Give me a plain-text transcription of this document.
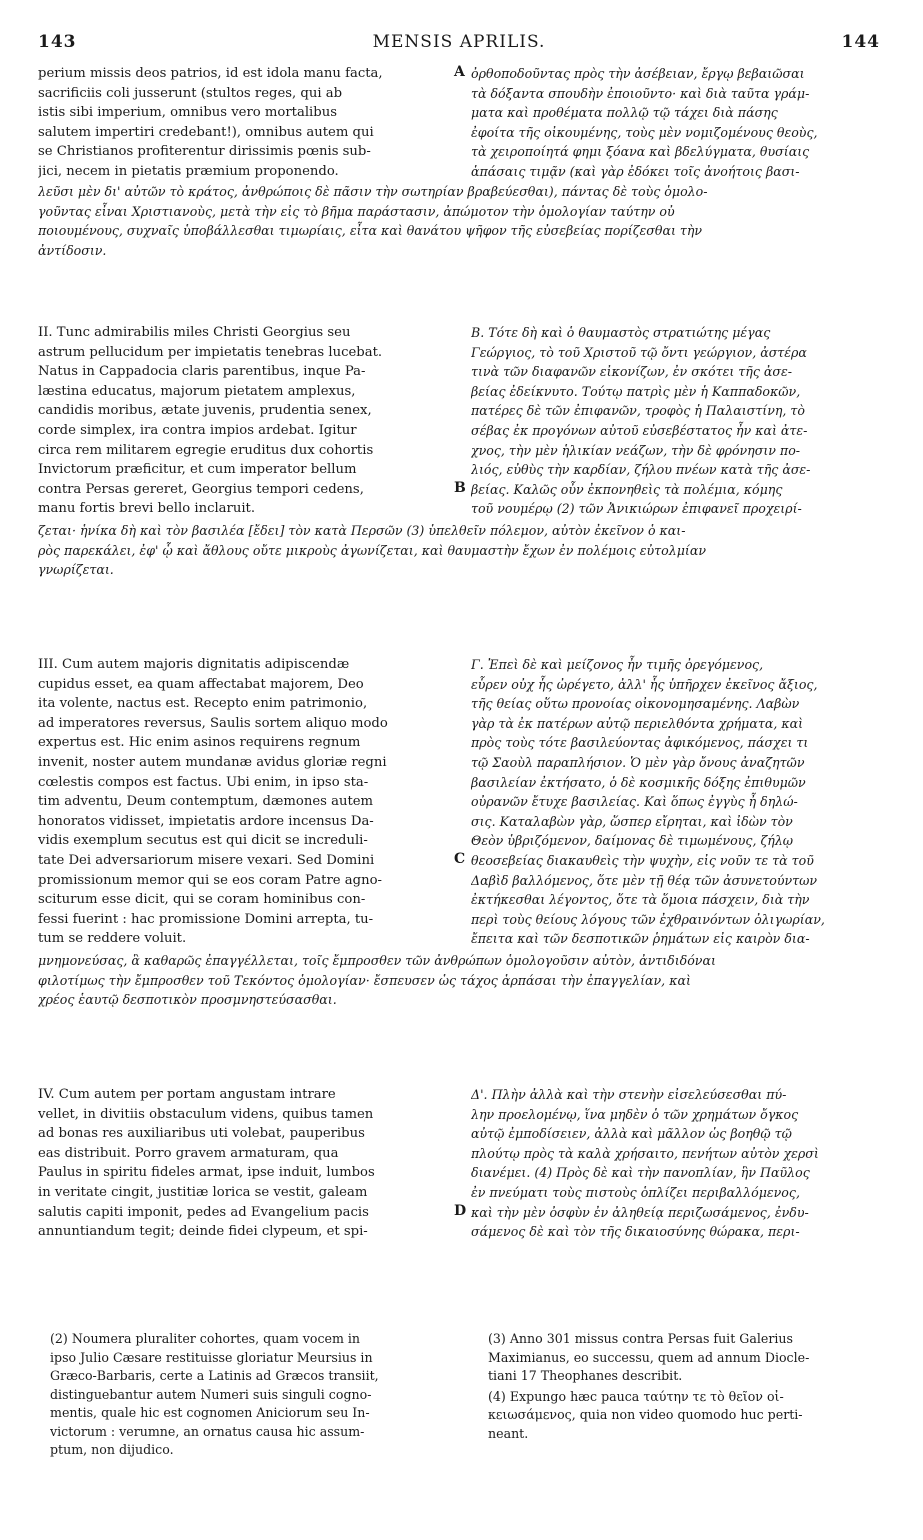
143	MENSIS APRILIS.	144
perium missis deos patrios, id est idola manu facta,
sacrificiis coli jusserunt (stultos reges, qui ab
istis sibi imperium, omnibus vero mortalibus
salutem impertiri credebant!), omnibus autem qui
se Christianos profiterentur dirissimis pœnis sub-
jici, necem in pietatis præmium proponendo.
A ὀρθοποδοῦντας πρὸς τὴν ἀσέβειαν, ἔργῳ βεβαιῶσαι
τὰ δόξαντα σπουδὴν ἐποιοῦντο· καὶ διὰ ταῦτα γράμ-
ματα καὶ προθέματα πολλῷ τῷ τάχει διὰ πάσης
ἐφοίτα τῆς οἰκουμένης, τοὺς μὲν νομιζομένους θεοὺς,
τὰ χειροποίητά φημι ξόανα καὶ βδελύγματα, θυσίαις
ἁπάσαις τιμᾷν (καὶ γὰρ ἐδόκει τοῖς ἀνοήτοις βασι-
λεῦσι μὲν δι' αὐτῶν τὸ κράτος, ἀνθρώποις δὲ πᾶσιν τὴν σωτηρίαν βραβεύεσθαι), πάντας δὲ τοὺς ὁμολο-
γοῦντας εἶναι Χριστιανοὺς, μετὰ τὴν εἰς τὸ βῆμα παράστασιν, ἀπώμοτον τὴν ὁμολογίαν ταύτην οὐ
ποιουμένους, συχναῖς ὑποβάλλεσθαι τιμωρίαις, εἶτα καὶ θανάτου ψῆφον τῆς εὐσεβείας πορίζεσθαι τὴν
ἀντίδοσιν.
II. Tunc admirabilis miles Christi Georgius seu
astrum pellucidum per impietatis tenebras lucebat.
Natus in Cappadocia claris parentibus, inque Pa-
læstina educatus, majorum pietatem amplexus,
candidis moribus, ætate juvenis, prudentia senex,
corde simplex, ira contra impios ardebat. Igitur
circa rem militarem egregie eruditus dux cohortis
Invictorum præficitur, et cum imperator bellum
contra Persas gereret, Georgius tempori cedens,
manu fortis brevi bello inclaruit.
B
Β. Τότε δὴ καὶ ὁ θαυμαστὸς στρατιώτης μέγας
Γεώργιος, τὸ τοῦ Χριστοῦ τῷ ὄντι γεώργιον, ἀστέρα
τινὰ τῶν διαφανῶν εἰκονίζων, ἐν σκότει τῆς ἀσε-
βείας ἐδείκνυτο. Τούτῳ πατρὶς μὲν ἡ Καππαδοκῶν,
πατέρες δὲ τῶν ἐπιφανῶν, τροφὸς ἡ Παλαιστίνη, τὸ
σέβας ἐκ προγόνων αὐτοῦ εὐσεβέστατος ἦν καὶ ἀτε-
χνος, τὴν μὲν ἡλικίαν νεάζων, τὴν δὲ φρόνησιν πο-
λιός, εὐθὺς τὴν καρδίαν, ζήλου πνέων κατὰ τῆς ἀσε-
βείας. Καλῶς οὖν ἐκπονηθεὶς τὰ πολέμια, κόμης
τοῦ νουμέρῳ (2) τῶν Ἀνικιώρων ἐπιφανεῖ προχειρί-
ζεται· ἡνίκα δὴ καὶ τὸν βασιλέα [ἔδει] τὸν κατὰ Περσῶν (3) ὑπελθεῖν πόλεμον, αὐτὸν ἐκεῖνον ὁ και-
ρὸς παρεκάλει, ἐφ' ᾧ καὶ ἄθλους οὔτε μικροὺς ἀγωνίζεται, καὶ θαυμαστὴν ἔχων ἐν πολέμοις εὐτολμίαν
γνωρίζεται.
III. Cum autem majoris dignitatis adipiscendæ
cupidus esset, ea quam affectabat majorem, Deo
ita volente, nactus est. Recepto enim patrimonio,
ad imperatores reversus, Saulis sortem aliquo modo
expertus est. Hic enim asinos requirens regnum
invenit, noster autem mundanæ avidus gloriæ regni
cœlestis compos est factus. Ubi enim, in ipso sta-
tim adventu, Deum contemptum, dæmones autem
honoratos vidisset, impietatis ardore incensus Da-
vidis exemplum secutus est qui dicit se increduli-
tate Dei adversariorum misere vexari. Sed Domini
promissionum memor qui se eos coram Patre agno-
sciturum esse dicit, qui se coram hominibus con-
fessi fuerint : hac promissione Domini arrepta, tu-
tum se reddere voluit.
C
Γ. Ἐπεὶ δὲ καὶ μείζονος ἦν τιμῆς ὀρεγόμενος,
εὗρεν οὐχ ἧς ὠρέγετο, ἀλλ' ἧς ὑπῆρχεν ἐκεῖνος ἄξιος,
τῆς θείας οὕτω προνοίας οἰκονομησαμένης. Λαβὼν
γὰρ τὰ ἐκ πατέρων αὐτῷ περιελθόντα χρήματα, καὶ
πρὸς τοὺς τότε βασιλεύοντας ἀφικόμενος, πάσχει τι
τῷ Σαοὺλ παραπλήσιον. Ὁ μὲν γὰρ ὄνους ἀναζητῶν
βασιλείαν ἐκτήσατο, ὁ δὲ κοσμικῆς δόξης ἐπιθυμῶν
οὐρανῶν ἔτυχε βασιλείας. Καὶ ὅπως ἐγγὺς ἦ δηλώ-
σις. Καταλαβὼν γὰρ, ὥσπερ εἴρηται, καὶ ἰδὼν τὸν
Θεὸν ὑβριζόμενον, δαίμονας δὲ τιμωμένους, ζήλῳ
θεοσεβείας διακαυθεὶς τὴν ψυχὴν, εἰς νοῦν τε τὰ τοῦ
Δαβὶδ βαλλόμενος, ὅτε μὲν τῇ θέᾳ τῶν ἀσυνετούντων
ἐκτήκεσθαι λέγοντος, ὅτε τὰ ὅμοια πάσχειν, διὰ τὴν
περὶ τοὺς θείους λόγους τῶν ἐχθραινόντων ὀλιγωρίαν,
ἔπειτα καὶ τῶν δεσποτικῶν ῥημάτων εἰς καιρὸν δια-
μνημονεύσας, ἃ καθαρῶς ἐπαγγέλλεται, τοῖς ἔμπροσθεν τῶν ἀνθρώπων ὁμολογοῦσιν αὐτὸν, ἀντιδιδόναι
φιλοτίμως τὴν ἔμπροσθεν τοῦ Τεκόντος ὁμολογίαν· ἔσπευσεν ὡς τάχος ἁρπάσαι τὴν ἐπαγγελίαν, καὶ
χρέος ἑαυτῷ δεσποτικὸν προσμνηστεύσασθαι.
IV. Cum autem per portam angustam intrare
vellet, in divitiis obstaculum videns, quibus tamen
ad bonas res auxiliaribus uti volebat, pauperibus
eas distribuit. Porro gravem armaturam, qua
Paulus in spiritu fideles armat, ipse induit, lumbos
in veritate cingit, justitiæ lorica se vestit, galeam
salutis capiti imponit, pedes ad Evangelium pacis
annuntiandum tegit; deinde fidei clypeum, et spi-
D
Δ'. Πλὴν ἀλλὰ καὶ τὴν στενὴν εἰσελεύσεσθαι πύ-
λην προελομένῳ, ἵνα μηδὲν ὁ τῶν χρημάτων ὄγκος
αὐτῷ ἐμποδίσειεν, ἀλλὰ καὶ μᾶλλον ὡς βοηθῷ τῷ
πλούτῳ πρὸς τὰ καλὰ χρήσαιτο, πενήτων αὐτὸν χερσὶ
διανέμει. (4) Πρὸς δὲ καὶ τὴν πανοπλίαν, ἣν Παῦλος
ἐν πνεύματι τοὺς πιστοὺς ὁπλίζει περιβαλλόμενος,
καὶ τὴν μὲν ὀσφὺν ἐν ἀληθείᾳ περιζωσάμενος, ἐνδυ-
σάμενος δὲ καὶ τὸν τῆς δικαιοσύνης θώρακα, περι-

(2) Noumera pluraliter cohortes, quam vocem in
ipso Julio Cæsare restituisse gloriatur Meursius in
Græco-Barbaris, certe a Latinis ad Græcos transiit,
distinguebantur autem Numeri suis singuli cogno-
mentis, quale hic est cognomen Aniciorum seu In-
victorum : verumne, an ornatus causa hic assum-
ptum, non dijudico.

(3) Anno 301 missus contra Persas fuit Galerius
Maximianus, eo successu, quem ad annum Diocle-
tiani 17 Theophanes describit.

(4) Expungo hæc pauca ταύτην τε τὸ θεῖον οἰ-
κειωσάμενος, quia non video quomodo huc perti-
neant.
